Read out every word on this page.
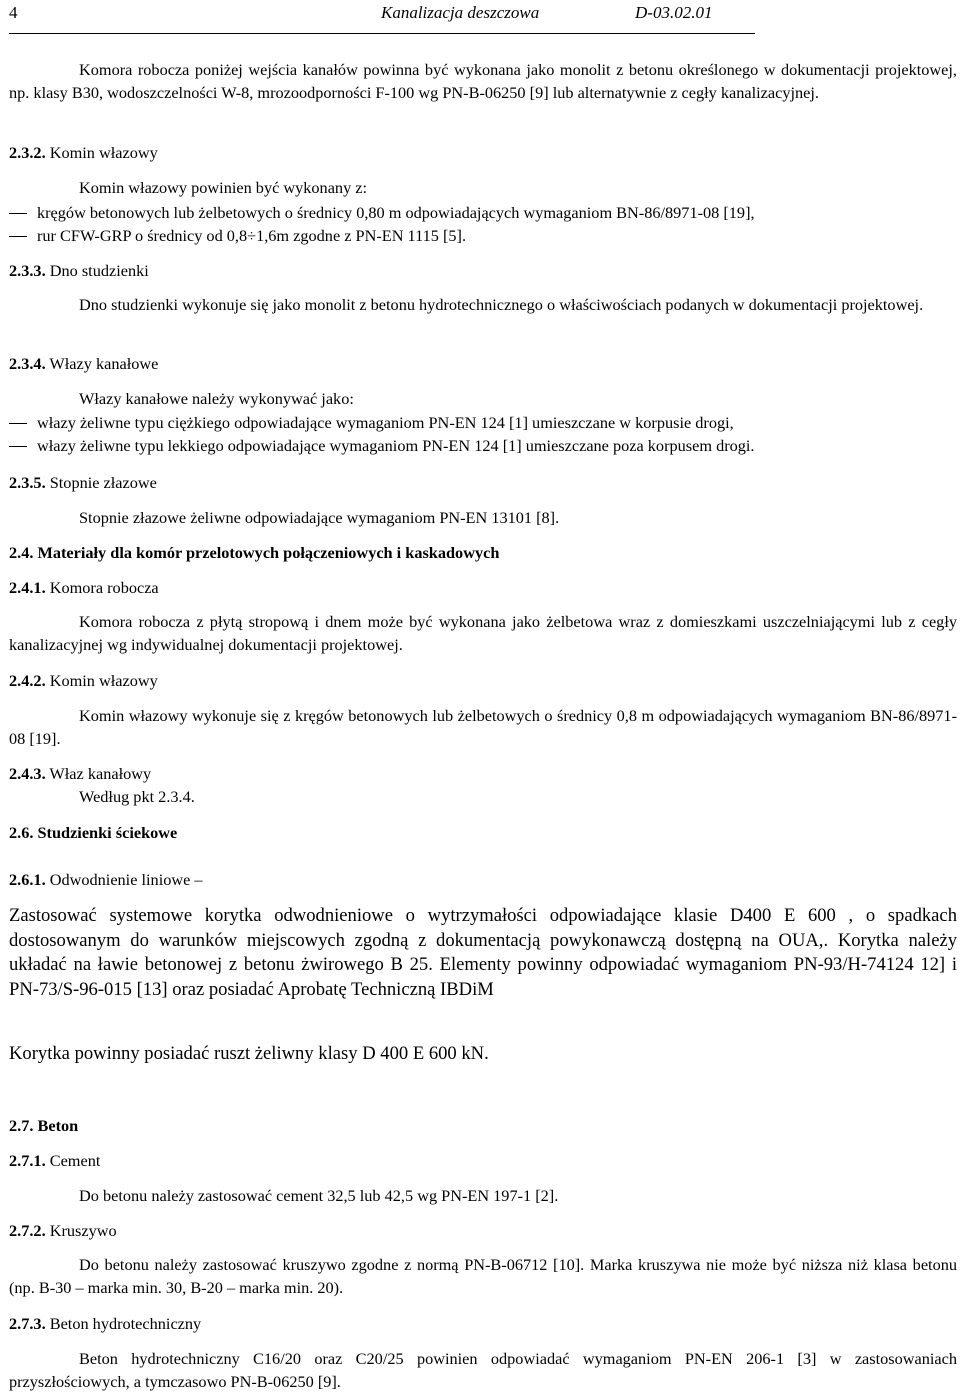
4	Kanalizacja deszczowa	D-03.02.01

Komora robocza poniżej wejścia kanałów powinna być wykonana jako monolit z betonu określonego w dokumentacji projektowej, np. klasy B30, wodoszczelności W-8, mrozoodporności F-100 wg PN-B-06250 [9] lub alternatywnie z cegły kanalizacyjnej.

2.3.2. Komin włazowy

Komin włazowy powinien być wykonany z:

kręgów betonowych lub żelbetowych o średnicy 0,80 m odpowiadających wymaganiom BN-86/8971-08 [19],
rur CFW-GRP o średnicy od 0,8÷1,6m zgodne z PN-EN 1115 [5].
2.3.3. Dno studzienki

Dno studzienki wykonuje się jako monolit z betonu hydrotechnicznego o właściwościach podanych w dokumentacji projektowej.

2.3.4. Włazy kanałowe

Włazy kanałowe należy wykonywać jako:

włazy żeliwne typu ciężkiego odpowiadające wymaganiom PN-EN 124 [1] umieszczane w korpusie drogi,
włazy żeliwne typu lekkiego odpowiadające wymaganiom PN-EN 124 [1] umieszczane poza korpusem drogi.
2.3.5. Stopnie złazowe

Stopnie złazowe żeliwne odpowiadające wymaganiom PN-EN 13101 [8].

2.4. Materiały dla komór przelotowych połączeniowych i kaskadowych
2.4.1. Komora robocza

Komora robocza z płytą stropową i dnem może być wykonana jako żelbetowa wraz z domieszkami uszczelniającymi lub z cegły kanalizacyjnej wg indywidualnej dokumentacji projektowej.

2.4.2. Komin włazowy

Komin włazowy wykonuje się z kręgów betonowych lub żelbetowych o średnicy 0,8 m odpowiadających wymaganiom BN-86/8971-08 [19].

2.4.3. Właz kanałowy

Według pkt 2.3.4.

2.6. Studzienki ściekowe
2.6.1. Odwodnienie liniowe –

Zastosować systemowe korytka odwodnieniowe o wytrzymałości odpowiadające klasie D400 E 600 , o spadkach dostosowanym do warunków miejscowych zgodną z dokumentacją powykonawczą dostępną na OUA,. Korytka należy układać na ławie betonowej z betonu żwirowego B 25. Elementy powinny odpowiadać wymaganiom PN-93/H-74124 12] i PN-73/S-96-015 [13] oraz posiadać Aprobatę Techniczną IBDiM

Korytka powinny posiadać ruszt żeliwny klasy D 400 E 600 kN.

2.7. Beton
2.7.1. Cement

Do betonu należy zastosować cement 32,5 lub 42,5 wg PN-EN 197-1 [2].

2.7.2. Kruszywo

Do betonu należy zastosować kruszywo zgodne z normą PN-B-06712 [10]. Marka kruszywa nie może być niższa niż klasa betonu (np. B-30 – marka min. 30, B-20 – marka min. 20).

2.7.3. Beton hydrotechniczny

Beton hydrotechniczny C16/20 oraz C20/25 powinien odpowiadać wymaganiom PN-EN 206-1 [3] w zastosowaniach przyszłościowych, a tymczasowo PN-B-06250 [9].
